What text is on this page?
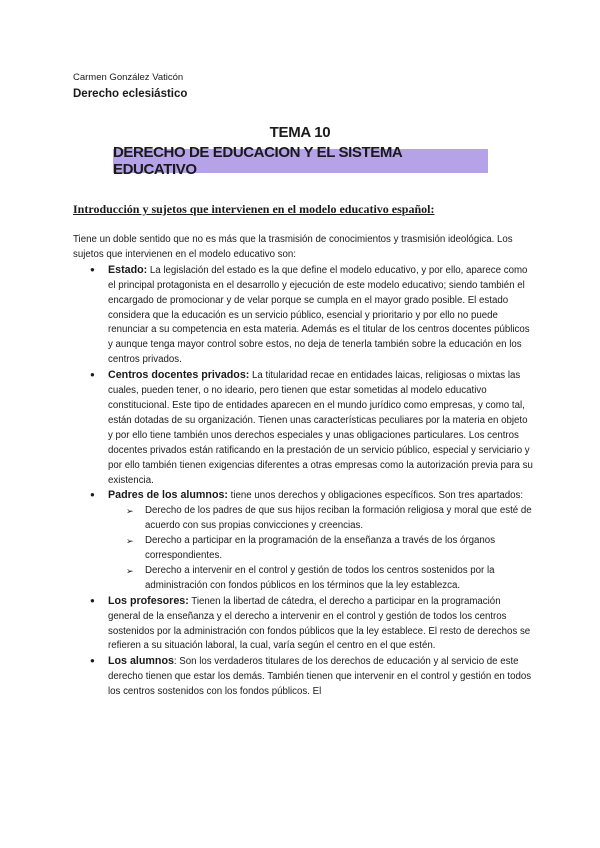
Carmen González Vaticón
Derecho eclesiástico
TEMA 10
DERECHO DE EDUCACION Y EL SISTEMA EDUCATIVO
Introducción y sujetos que intervienen en el modelo educativo español:

Tiene un doble sentido que no es más que la trasmisión de conocimientos y trasmisión ideológica. Los sujetos que intervienen en el modelo educativo son:

● Estado: La legislación del estado es la que define el modelo educativo, y por ello, aparece como el principal protagonista en el desarrollo y ejecución de este modelo educativo; siendo también el encargado de promocionar y de velar porque se cumpla en el mayor grado posible. El estado considera que la educación es un servicio público, esencial y prioritario y por ello no puede renunciar a su competencia en esta materia. Además es el titular de los centros docentes públicos y aunque tenga mayor control sobre estos, no deja de tenerla también sobre la educación en los centros privados.
● Centros docentes privados: La titularidad recae en entidades laicas, religiosas o mixtas las cuales, pueden tener, o no ideario, pero tienen que estar sometidas al modelo educativo constitucional. Este tipo de entidades aparecen en el mundo jurídico como empresas, y como tal, están dotadas de su organización. Tienen unas características peculiares por la materia en objeto y por ello tiene también unos derechos especiales y unas obligaciones particulares. Los centros docentes privados están ratificando en la prestación de un servicio público, especial y serviciario y por ello también tienen exigencias diferentes a otras empresas como la autorización previa para su existencia.
● Padres de los alumnos: tiene unos derechos y obligaciones específicos. Son tres apartados:
➢ Derecho de los padres de que sus hijos reciban la formación religiosa y moral que esté de acuerdo con sus propias convicciones y creencias.
➢ Derecho a participar en la programación de la enseñanza a través de los órganos correspondientes.
➢ Derecho a intervenir en el control y gestión de todos los centros sostenidos por la administración con fondos públicos en los términos que la ley establezca.
● Los profesores: Tienen la libertad de cátedra, el derecho a participar en la programación general de la enseñanza y el derecho a intervenir en el control y gestión de todos los centros sostenidos por la administración con fondos públicos que la ley establece. El resto de derechos se refieren a su situación laboral, la cual, varía según el centro en el que estén.
● Los alumnos: Son los verdaderos titulares de los derechos de educación y al servicio de este derecho tienen que estar los demás. También tienen que intervenir en el control y gestión en todos los centros sostenidos con los fondos públicos. El
